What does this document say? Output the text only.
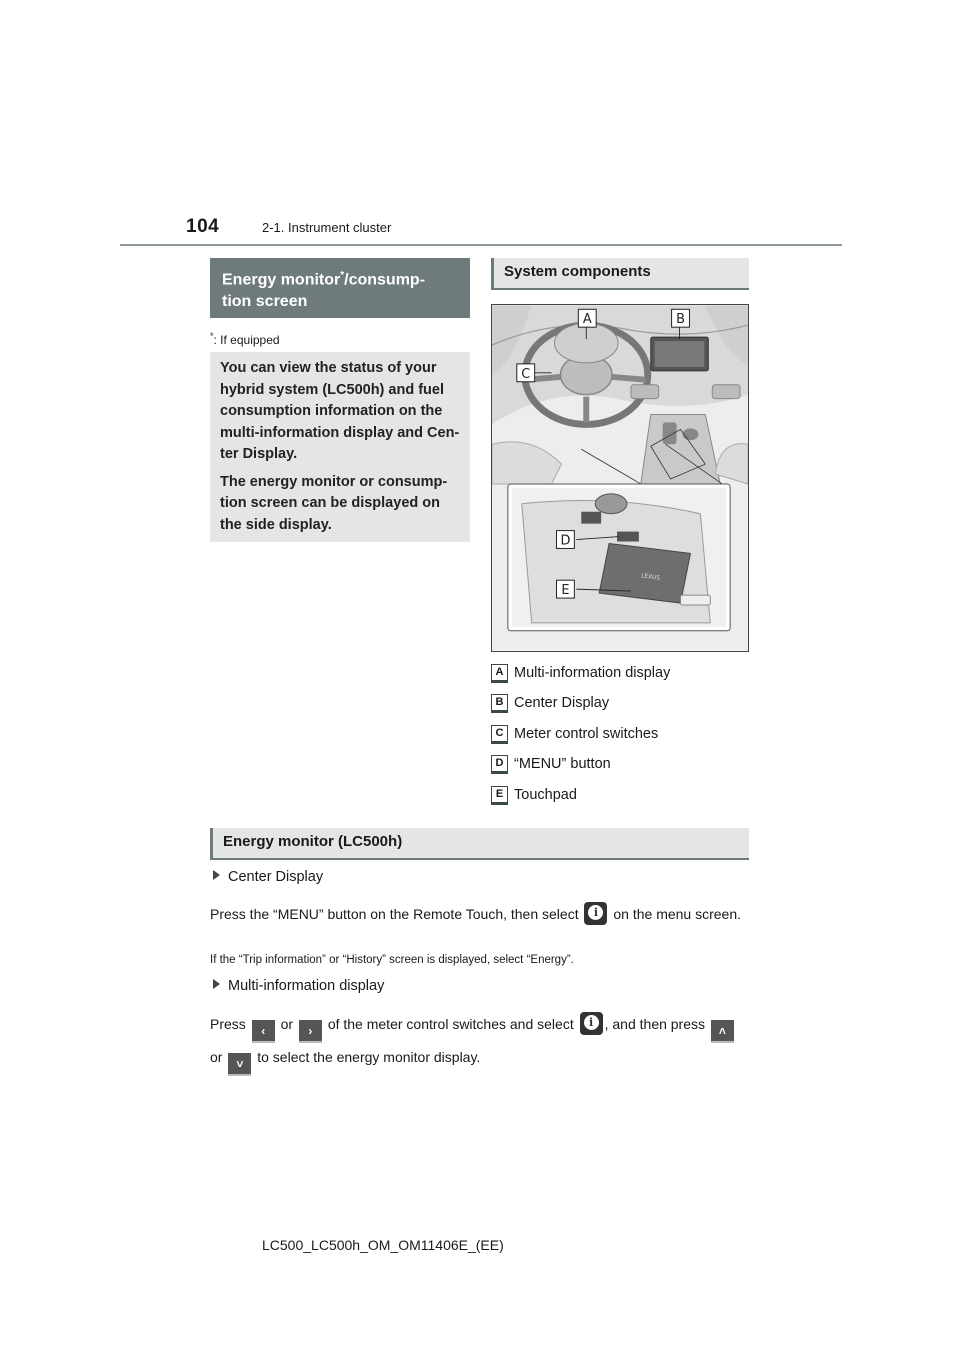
104	2-1. Instrument cluster
Energy monitor*/consump-
tion screen
*: If equipped

You can view the status of your hybrid system (LC500h) and fuel consumption information on the multi-information display and Cen-ter Display.

The energy monitor or consump-tion screen can be displayed on the side display.

System components
LEXUS
A	B
C
D
E
A Multi-information display
B Center Display
C Meter control switches
D “MENU” button
E Touchpad
Energy monitor (LC500h)
Center Display
Press the “MENU” button on the Remote Touch, then select i on the menu screen.
If the “Trip information” or “History” screen is displayed, select “Energy”.
Multi-information display
Press ‹ or › of the meter control switches and select i , and then press ˄ or ˅ to select the energy monitor display.
LC500_LC500h_OM_OM11406E_(EE)
